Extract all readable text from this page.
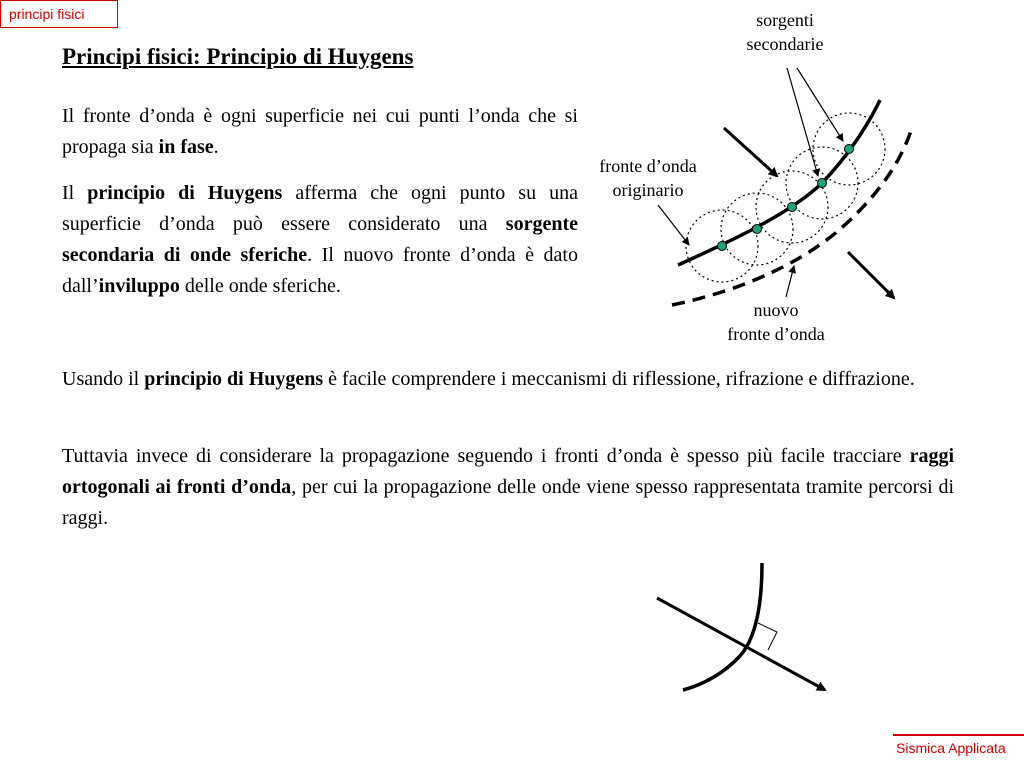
principi fisici
Principi fisici: Principio di Huygens

Il fronte d’onda è ogni superficie nei cui punti l’onda che si propaga sia in fase.

Il principio di Huygens afferma che ogni punto su una superficie d’onda può essere considerato una sorgente secondaria di onde sferiche. Il nuovo fronte d’onda è dato dall’inviluppo delle onde sferiche.

Usando il principio di Huygens è facile comprendere i meccanismi di riflessione, rifrazione e diffrazione.

Tuttavia invece di considerare la propagazione seguendo i fronti d’onda è spesso più facile tracciare raggi ortogonali ai fronti d’onda, per cui la propagazione delle onde viene spesso rappresentata tramite percorsi di raggi.

sorgenti
secondarie
fronte d’onda
originario
nuovo
fronte d’onda
Sismica Applicata
